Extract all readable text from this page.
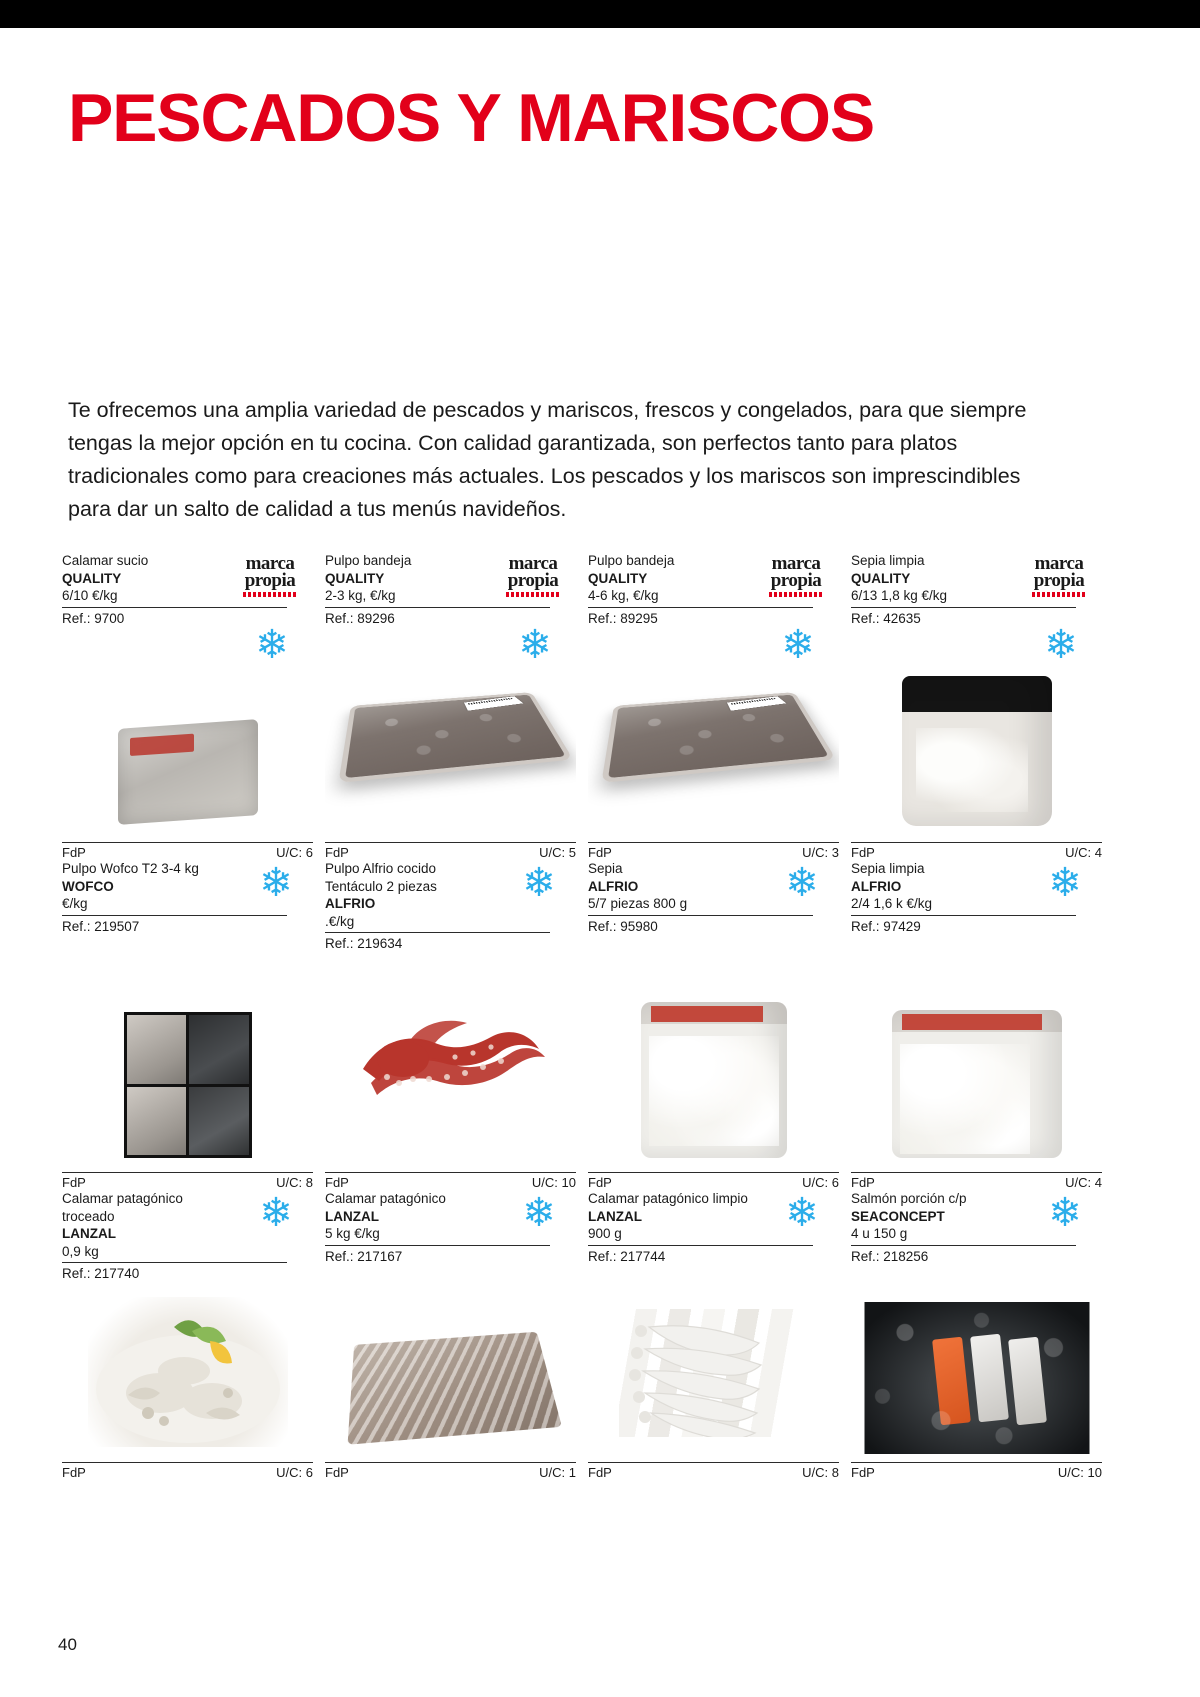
PESCADOS Y MARISCOS

Te ofrecemos una amplia variedad de pescados y mariscos, frescos y congelados, para que siempre tengas la mejor opción en tu cocina. Con calidad garantizada, son perfectos tanto para platos tradicionales como para creaciones más actuales. Los pescados y los mariscos son imprescindibles para dar un salto de calidad a tus menús navideños.

Calamar sucio
QUALITY
6/10 €/kg
Ref.: 9700
marca
propia
❄
FdP	U/C: 6
Pulpo bandeja
QUALITY
2-3 kg, €/kg
Ref.: 89296
marca
propia
❄
FdP	U/C: 5
Pulpo bandeja
QUALITY
4-6 kg, €/kg
Ref.: 89295
marca
propia
❄
FdP	U/C: 3
Sepia limpia
QUALITY
6/13 1,8 kg €/kg
Ref.: 42635
marca
propia
❄
FdP	U/C: 4
Pulpo Wofco T2 3-4 kg
WOFCO
€/kg
Ref.: 219507
❄
FdP	U/C: 8
Pulpo Alfrio cocido Tentáculo 2 piezas
ALFRIO
.€/kg
Ref.: 219634
❄
FdP	U/C: 10
Sepia
ALFRIO
5/7 piezas 800 g
Ref.: 95980
❄
FdP	U/C: 6
Sepia limpia
ALFRIO
2/4 1,6 k €/kg
Ref.: 97429
❄
FdP	U/C: 4
Calamar patagónico troceado
LANZAL
0,9 kg
Ref.: 217740
❄
FdP	U/C: 6
Calamar patagónico
LANZAL
5 kg €/kg
Ref.: 217167
❄
FdP	U/C: 1
Calamar patagónico limpio
LANZAL
900 g
Ref.: 217744
❄
FdP	U/C: 8
Salmón porción c/p
SEACONCEPT
4 u 150 g
Ref.: 218256
❄
FdP	U/C: 10
40
